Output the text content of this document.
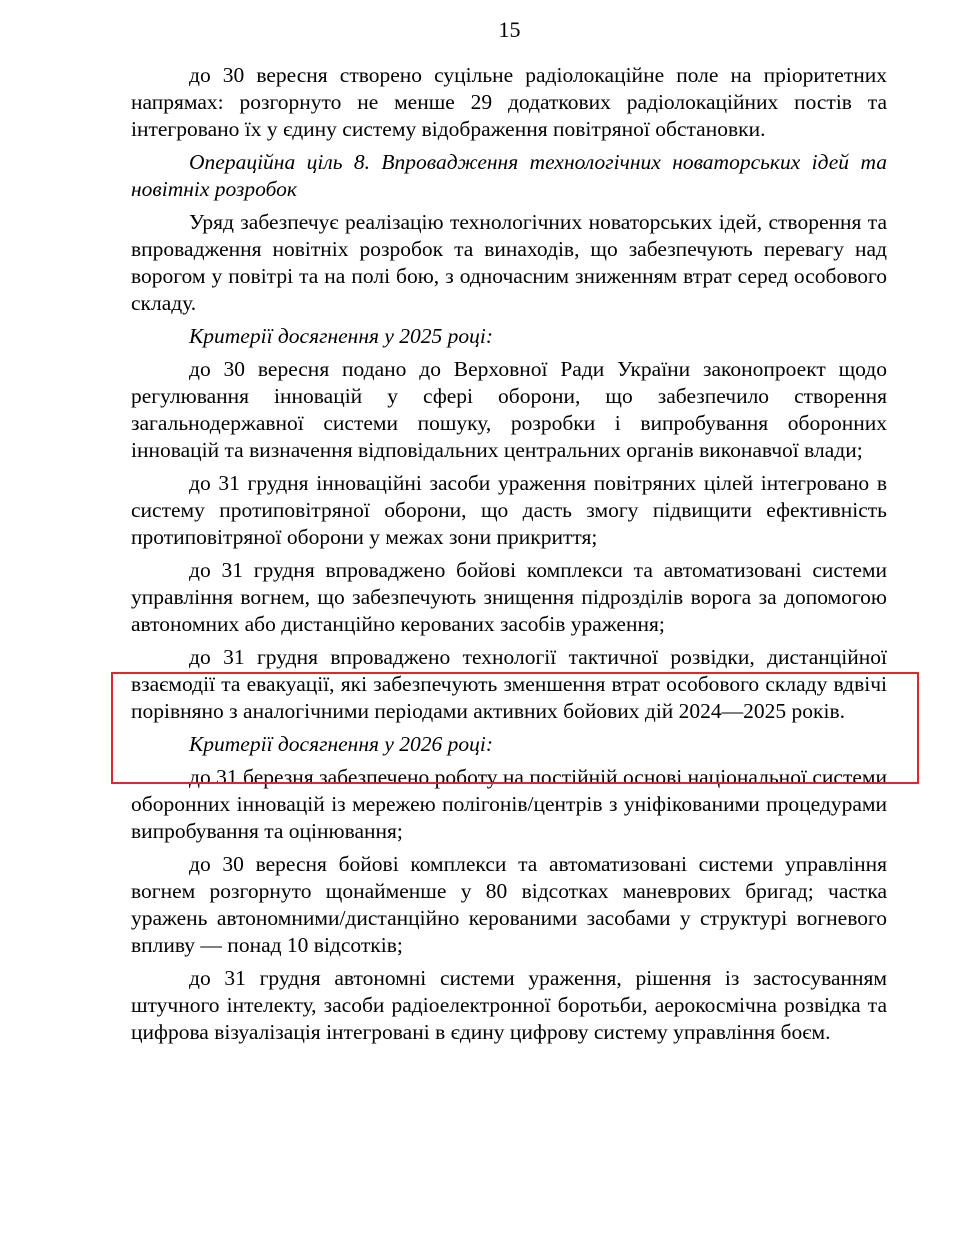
15

до 30 вересня створено суцільне радіолокаційне поле на пріоритетних напрямах: розгорнуто не менше 29 додаткових радіолокаційних постів та інтегровано їх у єдину систему відображення повітряної обстановки.

Операційна ціль 8. Впровадження технологічних новаторських ідей та новітніх розробок

Уряд забезпечує реалізацію технологічних новаторських ідей, створення та впровадження новітніх розробок та винаходів, що забезпечують перевагу над ворогом у повітрі та на полі бою, з одночасним зниженням втрат серед особового складу.

Критерії досягнення у 2025 році:

до 30 вересня подано до Верховної Ради України законопроект щодо регулювання інновацій у сфері оборони, що забезпечило створення загальнодержавної системи пошуку, розробки і випробування оборонних інновацій та визначення відповідальних центральних органів виконавчої влади;

до 31 грудня інноваційні засоби ураження повітряних цілей інтегровано в систему протиповітряної оборони, що дасть змогу підвищити ефективність протиповітряної оборони у межах зони прикриття;

до 31 грудня впроваджено бойові комплекси та автоматизовані системи управління вогнем, що забезпечують знищення підрозділів ворога за допомогою автономних або дистанційно керованих засобів ураження;

до 31 грудня впроваджено технології тактичної розвідки, дистанційної взаємодії та евакуації, які забезпечують зменшення втрат особового складу вдвічі порівняно з аналогічними періодами активних бойових дій 2024—2025 років.

Критерії досягнення у 2026 році:

до 31 березня забезпечено роботу на постійній основі національної системи оборонних інновацій із мережею полігонів/центрів з уніфікованими процедурами випробування та оцінювання;

до 30 вересня бойові комплекси та автоматизовані системи управління вогнем розгорнуто щонайменше у 80 відсотках маневрових бригад; частка уражень автономними/дистанційно керованими засобами у структурі вогневого впливу — понад 10 відсотків;

до 31 грудня автономні системи ураження, рішення із застосуванням штучного інтелекту, засоби радіоелектронної боротьби, аерокосмічна розвідка та цифрова візуалізація інтегровані в єдину цифрову систему управління боєм.
